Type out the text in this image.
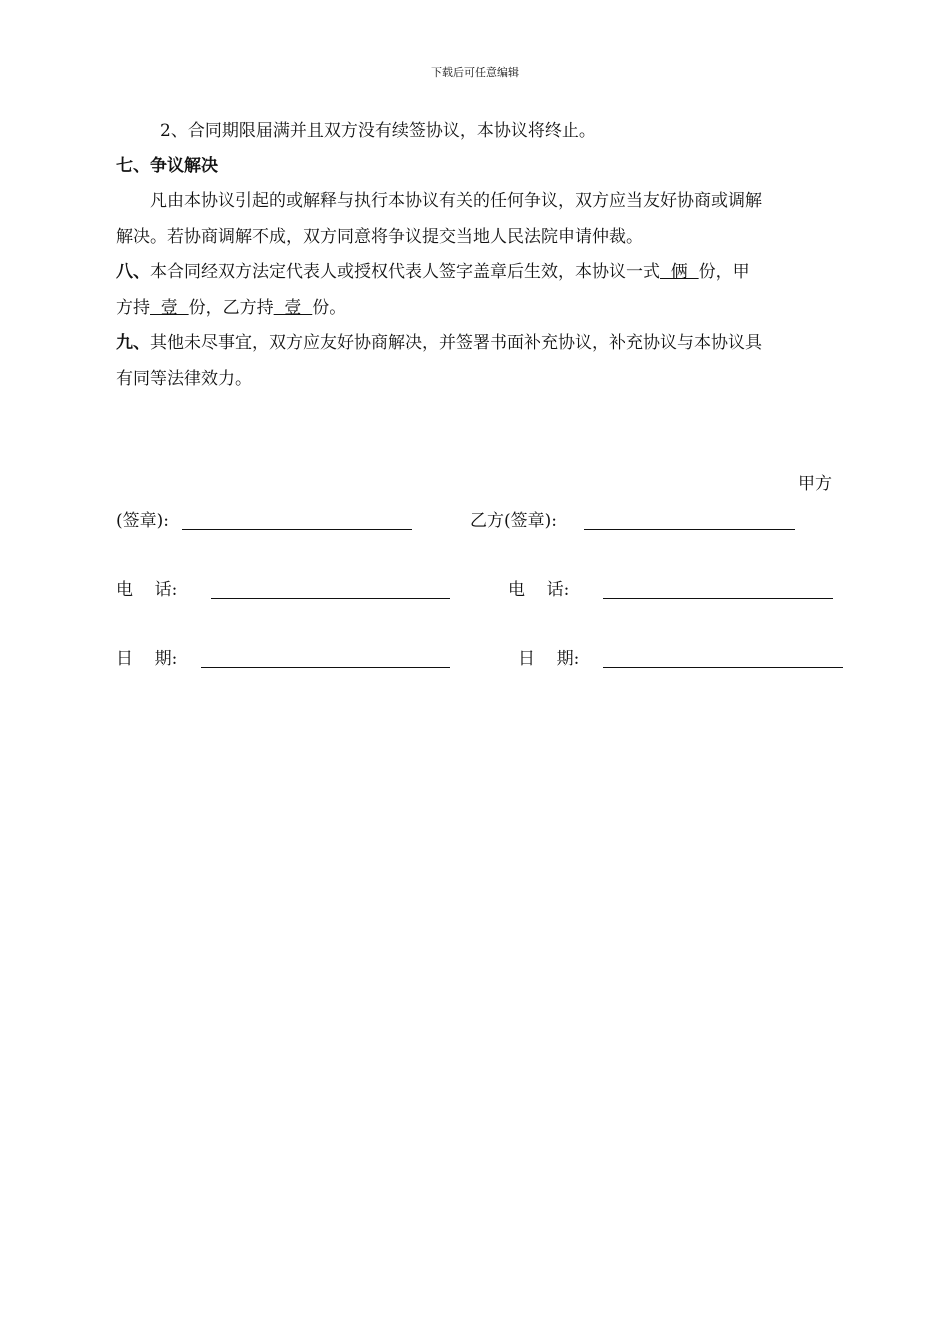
下载后可任意编辑
2、合同期限届满并且双方没有续签协议，本协议将终止。
七、争议解决
凡由本协议引起的或解释与执行本协议有关的任何争议，双方应当友好协商或调解
解决。若协商调解不成，双方同意将争议提交当地人民法院申请仲裁。
八、本合同经双方法定代表人或授权代表人签字盖章后生效，本协议一式  俩  份，甲
方持  壹  份，乙方持  壹  份。
九、其他未尽事宜，双方应友好协商解决，并签署书面补充协议，补充协议与本协议具
有同等法律效力。
甲方
(签章):	乙方(签章):
电    话:	电    话:
日    期:	日    期:
